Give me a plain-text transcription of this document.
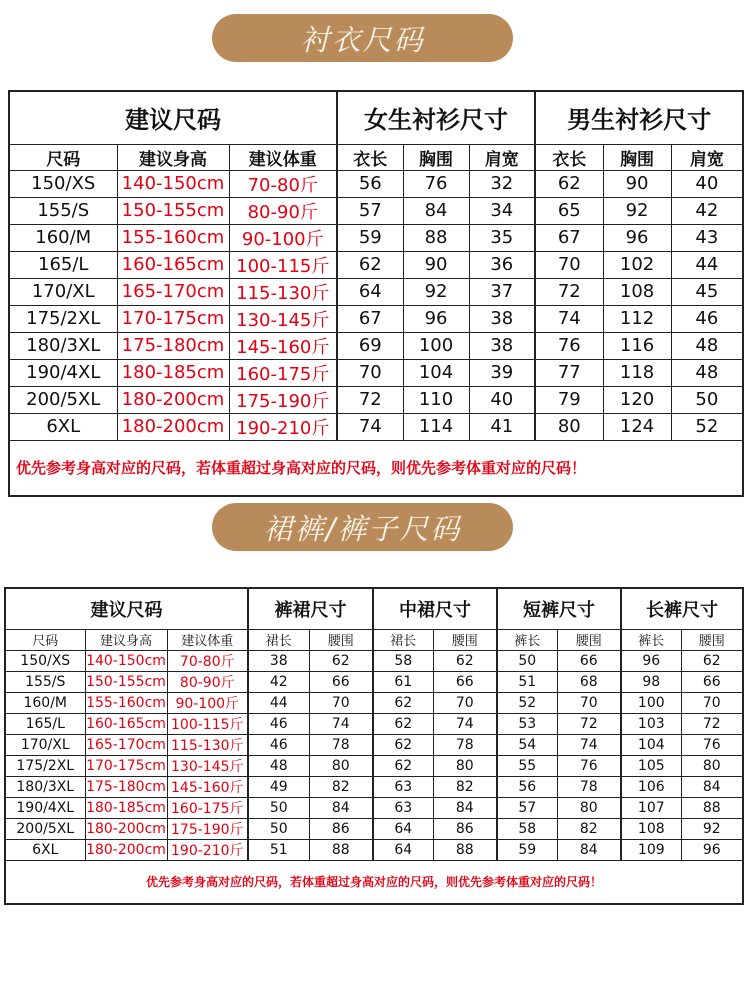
衬衣尺码
建议尺码			女生衬衫尺寸			男生衬衫尺寸		
尺码	建议身高	建议体重	衣长	胸围	肩宽	衣长	胸围	肩宽
150/XS	140-150cm	70-80斤	56	76	32	62	90	40
155/S	150-155cm	80-90斤	57	84	34	65	92	42
160/M	155-160cm	90-100斤	59	88	35	67	96	43
165/L	160-165cm	100-115斤	62	90	36	70	102	44
170/XL	165-170cm	115-130斤	64	92	37	72	108	45
175/2XL	170-175cm	130-145斤	67	96	38	74	112	46
180/3XL	175-180cm	145-160斤	69	100	38	76	116	48
190/4XL	180-185cm	160-175斤	70	104	39	77	118	48
200/5XL	180-200cm	175-190斤	72	110	40	79	120	50
6XL	180-200cm	190-210斤	74	114	41	80	124	52
优先参考身高对应的尺码，若体重超过身高对应的尺码，则优先参考体重对应的尺码！								
裙裤/裤子尺码
建议尺码			裤裙尺寸		中裙尺寸		短裤尺寸		长裤尺寸	
尺码	建议身高	建议体重	裙长	腰围	裙长	腰围	裤长	腰围	裤长	腰围
150/XS	140-150cm	70-80斤	38	62	58	62	50	66	96	62
155/S	150-155cm	80-90斤	42	66	61	66	51	68	98	66
160/M	155-160cm	90-100斤	44	70	62	70	52	70	100	70
165/L	160-165cm	100-115斤	46	74	62	74	53	72	103	72
170/XL	165-170cm	115-130斤	46	78	62	78	54	74	104	76
175/2XL	170-175cm	130-145斤	48	80	62	80	55	76	105	80
180/3XL	175-180cm	145-160斤	49	82	63	82	56	78	106	84
190/4XL	180-185cm	160-175斤	50	84	63	84	57	80	107	88
200/5XL	180-200cm	175-190斤	50	86	64	86	58	82	108	92
6XL	180-200cm	190-210斤	51	88	64	88	59	84	109	96
优先参考身高对应的尺码，若体重超过身高对应的尺码，则优先参考体重对应的尺码！										
